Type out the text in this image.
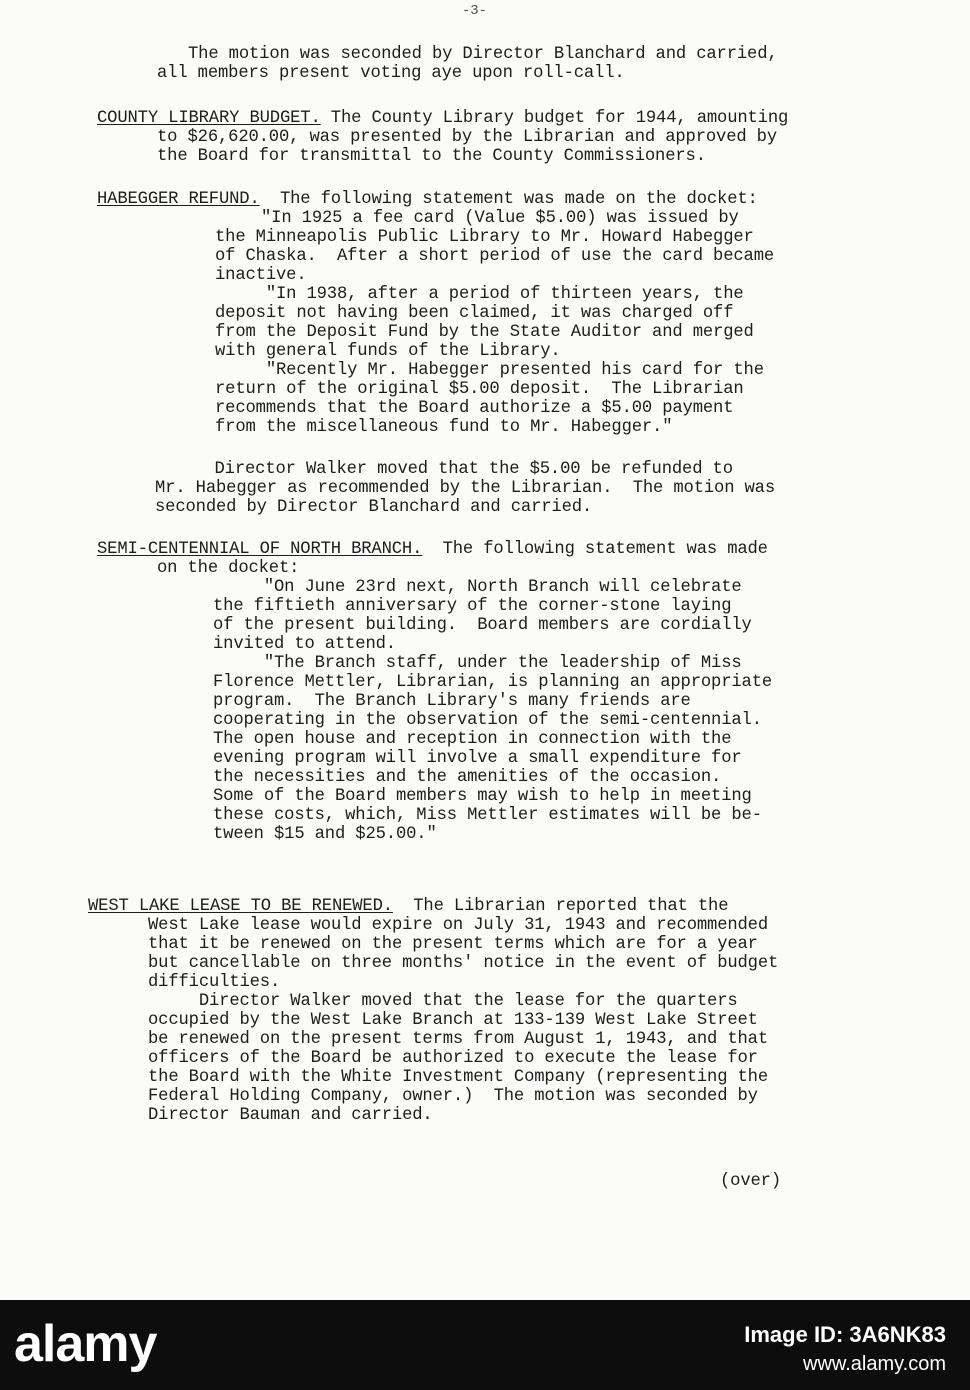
-3-
The motion was seconded by Director Blanchard and carried,
all members present voting aye upon roll-call.
COUNTY LIBRARY BUDGET. The County Library budget for 1944, amounting
to $26,620.00, was presented by the Librarian and approved by
the Board for transmittal to the County Commissioners.
HABEGGER REFUND.  The following statement was made on the docket:
"In 1925 a fee card (Value $5.00) was issued by
the Minneapolis Public Library to Mr. Howard Habegger
of Chaska.  After a short period of use the card became
inactive.
"In 1938, after a period of thirteen years, the
deposit not having been claimed, it was charged off
from the Deposit Fund by the State Auditor and merged
with general funds of the Library.
"Recently Mr. Habegger presented his card for the
return of the original $5.00 deposit.  The Librarian
recommends that the Board authorize a $5.00 payment
from the miscellaneous fund to Mr. Habegger."
Director Walker moved that the $5.00 be refunded to
Mr. Habegger as recommended by the Librarian.  The motion was
seconded by Director Blanchard and carried.
SEMI-CENTENNIAL OF NORTH BRANCH.  The following statement was made
on the docket:
"On June 23rd next, North Branch will celebrate
the fiftieth anniversary of the corner-stone laying
of the present building.  Board members are cordially
invited to attend.
"The Branch staff, under the leadership of Miss
Florence Mettler, Librarian, is planning an appropriate
program.  The Branch Library's many friends are
cooperating in the observation of the semi-centennial.
The open house and reception in connection with the
evening program will involve a small expenditure for
the necessities and the amenities of the occasion.
Some of the Board members may wish to help in meeting
these costs, which, Miss Mettler estimates will be be-
tween $15 and $25.00."
WEST LAKE LEASE TO BE RENEWED.  The Librarian reported that the
West Lake lease would expire on July 31, 1943 and recommended
that it be renewed on the present terms which are for a year
but cancellable on three months' notice in the event of budget
difficulties.
Director Walker moved that the lease for the quarters
occupied by the West Lake Branch at 133-139 West Lake Street
be renewed on the present terms from August 1, 1943, and that
officers of the Board be authorized to execute the lease for
the Board with the White Investment Company (representing the
Federal Holding Company, owner.)  The motion was seconded by
Director Bauman and carried.
(over)
alamy	Image ID: 3A6NK83
www.alamy.com
